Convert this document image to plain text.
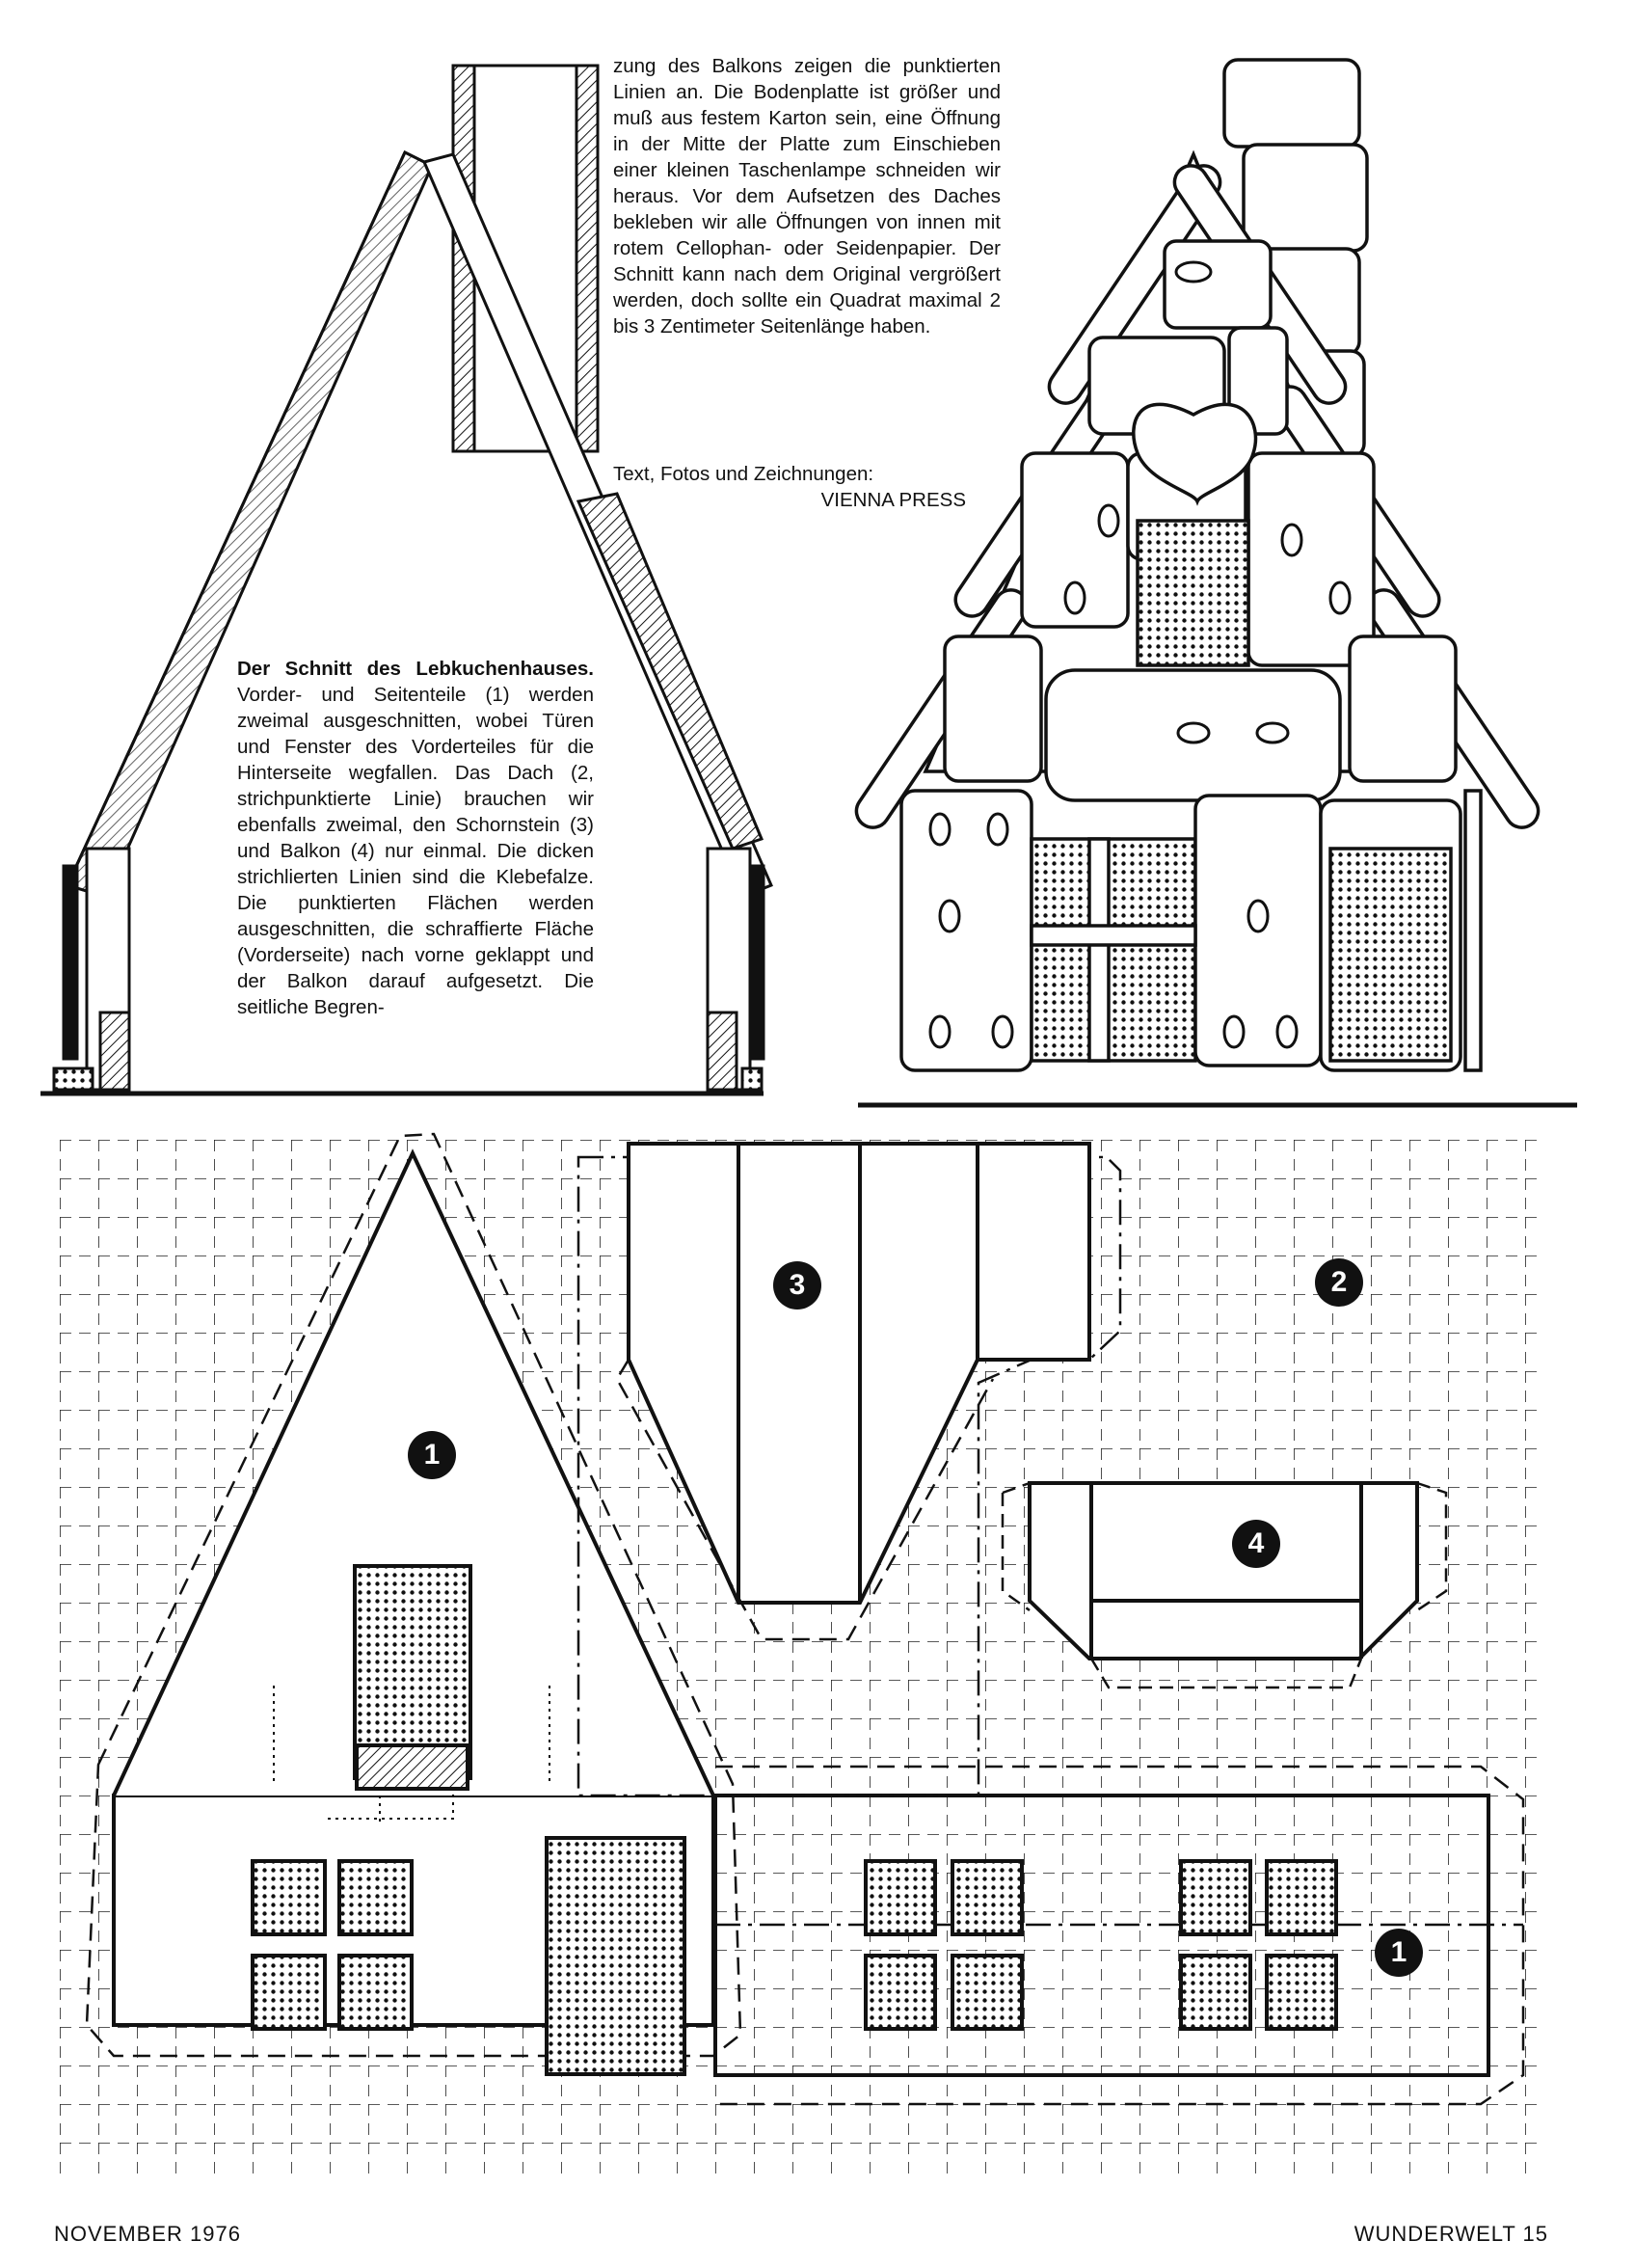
1
2
3
4
1

zung des Balkons zeigen die punktierten Linien an. Die Bodenplatte ist größer und muß aus festem Karton sein, eine Öffnung in der Mitte der Platte zum Einschieben einer kleinen Taschenlampe schneiden wir heraus. Vor dem Aufsetzen des Daches bekleben wir alle Öffnungen von innen mit rotem Cellophan- oder Seidenpapier. Der Schnitt kann nach dem Original vergrößert werden, doch sollte ein Quadrat maximal 2 bis 3 Zentimeter Seitenlänge haben.

Text, Fotos und Zeichnungen:
VIENNA PRESS

Der Schnitt des Lebkuchenhauses. Vorder- und Seitenteile (1) werden zweimal ausgeschnitten, wobei Türen und Fenster des Vorderteiles für die Hinterseite wegfallen. Das Dach (2, strichpunktierte Linie) brauchen wir ebenfalls zweimal, den Schornstein (3) und Balkon (4) nur einmal. Die dicken strichlierten Linien sind die Klebefalze. Die punktierten Flächen werden ausgeschnitten, die schraffierte Fläche (Vorderseite) nach vorne geklappt und der Balkon darauf aufgesetzt. Die seitliche Begren-

NOVEMBER 1976	WUNDERWELT 15
